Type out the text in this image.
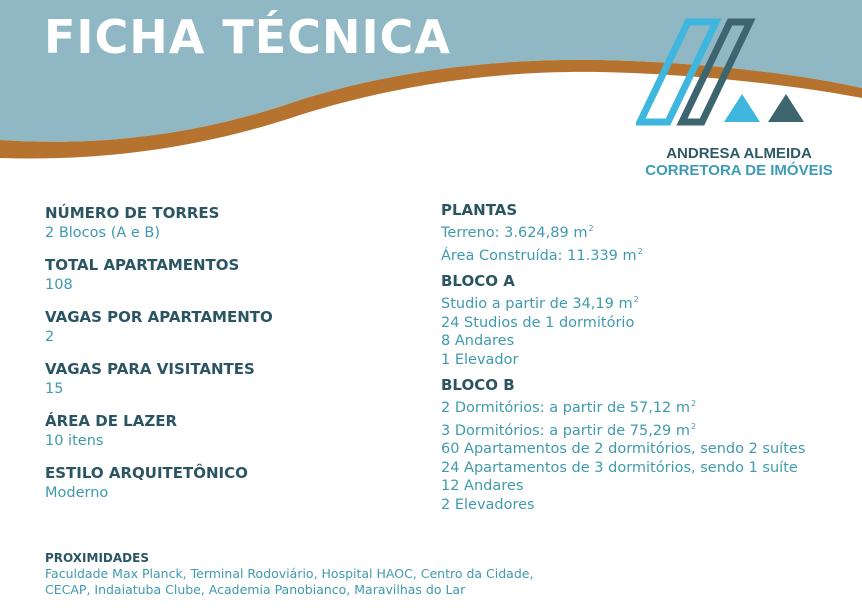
FICHA TÉCNICA
ANDRESA ALMEIDA
CORRETORA DE IMÓVEIS
NÚMERO DE TORRES
2 Blocos (A e B)
TOTAL APARTAMENTOS
108
VAGAS POR APARTAMENTO
2
VAGAS PARA VISITANTES
15
ÁREA DE LAZER
10 itens
ESTILO ARQUITETÔNICO
Moderno
PLANTAS
Terreno: 3.624,89 $m^2$
Área Construída: 11.339 $m^2$
BLOCO A
Studio a partir de 34,19 $m^2$
24 Studios de 1 dormitório
8 Andares
1 Elevador
BLOCO B
2 Dormitórios: a partir de 57,12 $m^2$
3 Dormitórios: a partir de 75,29 $m^2$
60 Apartamentos de 2 dormitórios, sendo 2 suítes
24 Apartamentos de 3 dormitórios, sendo 1 suíte
12 Andares
2 Elevadores
PROXIMIDADES
Faculdade Max Planck, Terminal Rodoviário, Hospital HAOC, Centro da Cidade,
CECAP, Indaiatuba Clube, Academia Panobianco, Maravilhas do Lar
